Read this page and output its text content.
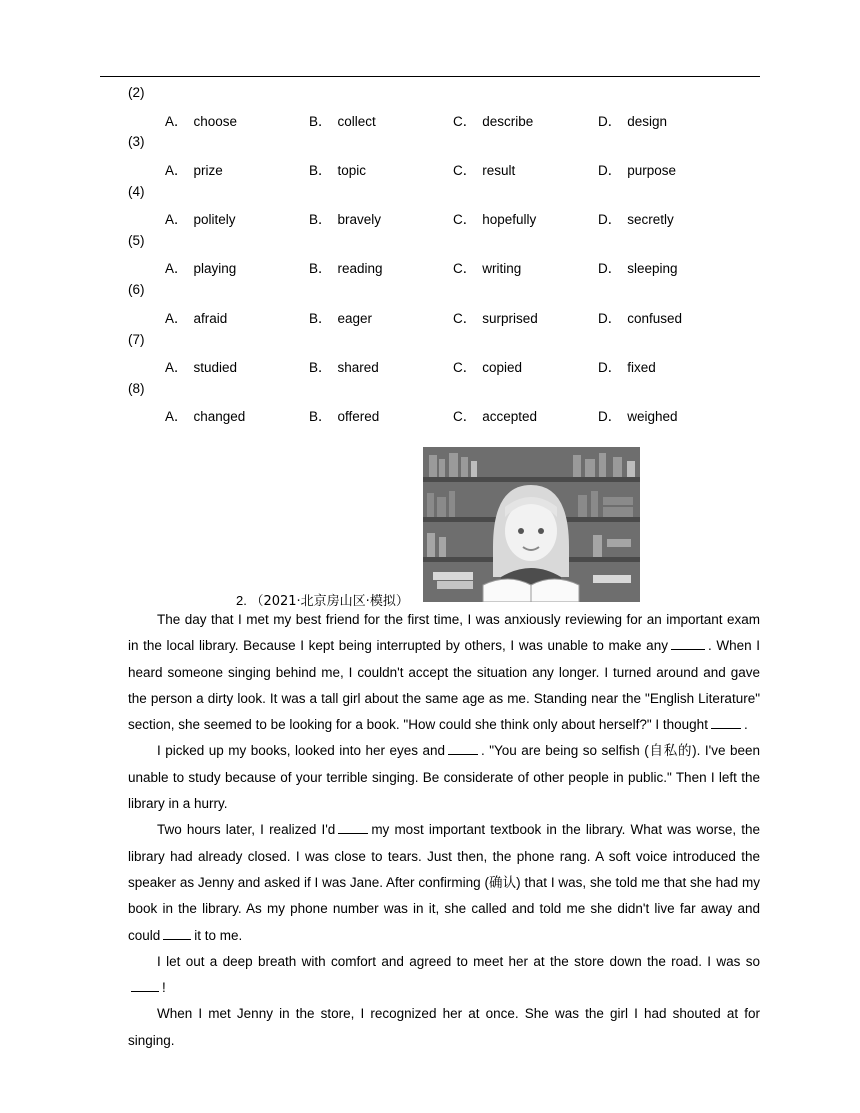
(2)
A． choose	B． collect	C． describe	D． design
(3)
A． prize	B． topic	C． result	D． purpose
(4)
A． politely	B． bravely	C． hopefully	D． secretly
(5)
A． playing	B． reading	C． writing	D． sleeping
(6)
A． afraid	B． eager	C． surprised	D． confused
(7)
A． studied	B． shared	C． copied	D． fixed
(8)
A． changed	B． offered	C． accepted	D． weighed
2. （2021·北京房山区·模拟）

The day that I met my best friend for the first time, I was anxiously reviewing for an important exam in the local library. Because I kept being interrupted by others, I was unable to make any	. When I heard someone singing behind me, I couldn't accept the situation any longer. I turned around and gave the person a dirty look. It was a tall girl about the same age as me. Standing near the "English Literature" section, she seemed to be looking for a book. "How could she think only about herself?" I thought	.

I picked up my books, looked into her eyes and	. "You are being so selfish (自私的). I've been unable to study because of your terrible singing. Be considerate of other people in public." Then I left the library in a hurry.

Two hours later, I realized I'd	my most important textbook in the library. What was worse, the library had already closed. I was close to tears. Just then, the phone rang. A soft voice introduced the speaker as Jenny and asked if I was Jane. After confirming (确认) that I was, she told me that she had my book in the library. As my phone number was in it, she called and told me she didn't live far away and could	it to me.

I let out a deep breath with comfort and agreed to meet her at the store down the road. I was so!

When I met Jenny in the store, I recognized her at once. She was the girl I had shouted at for singing.
